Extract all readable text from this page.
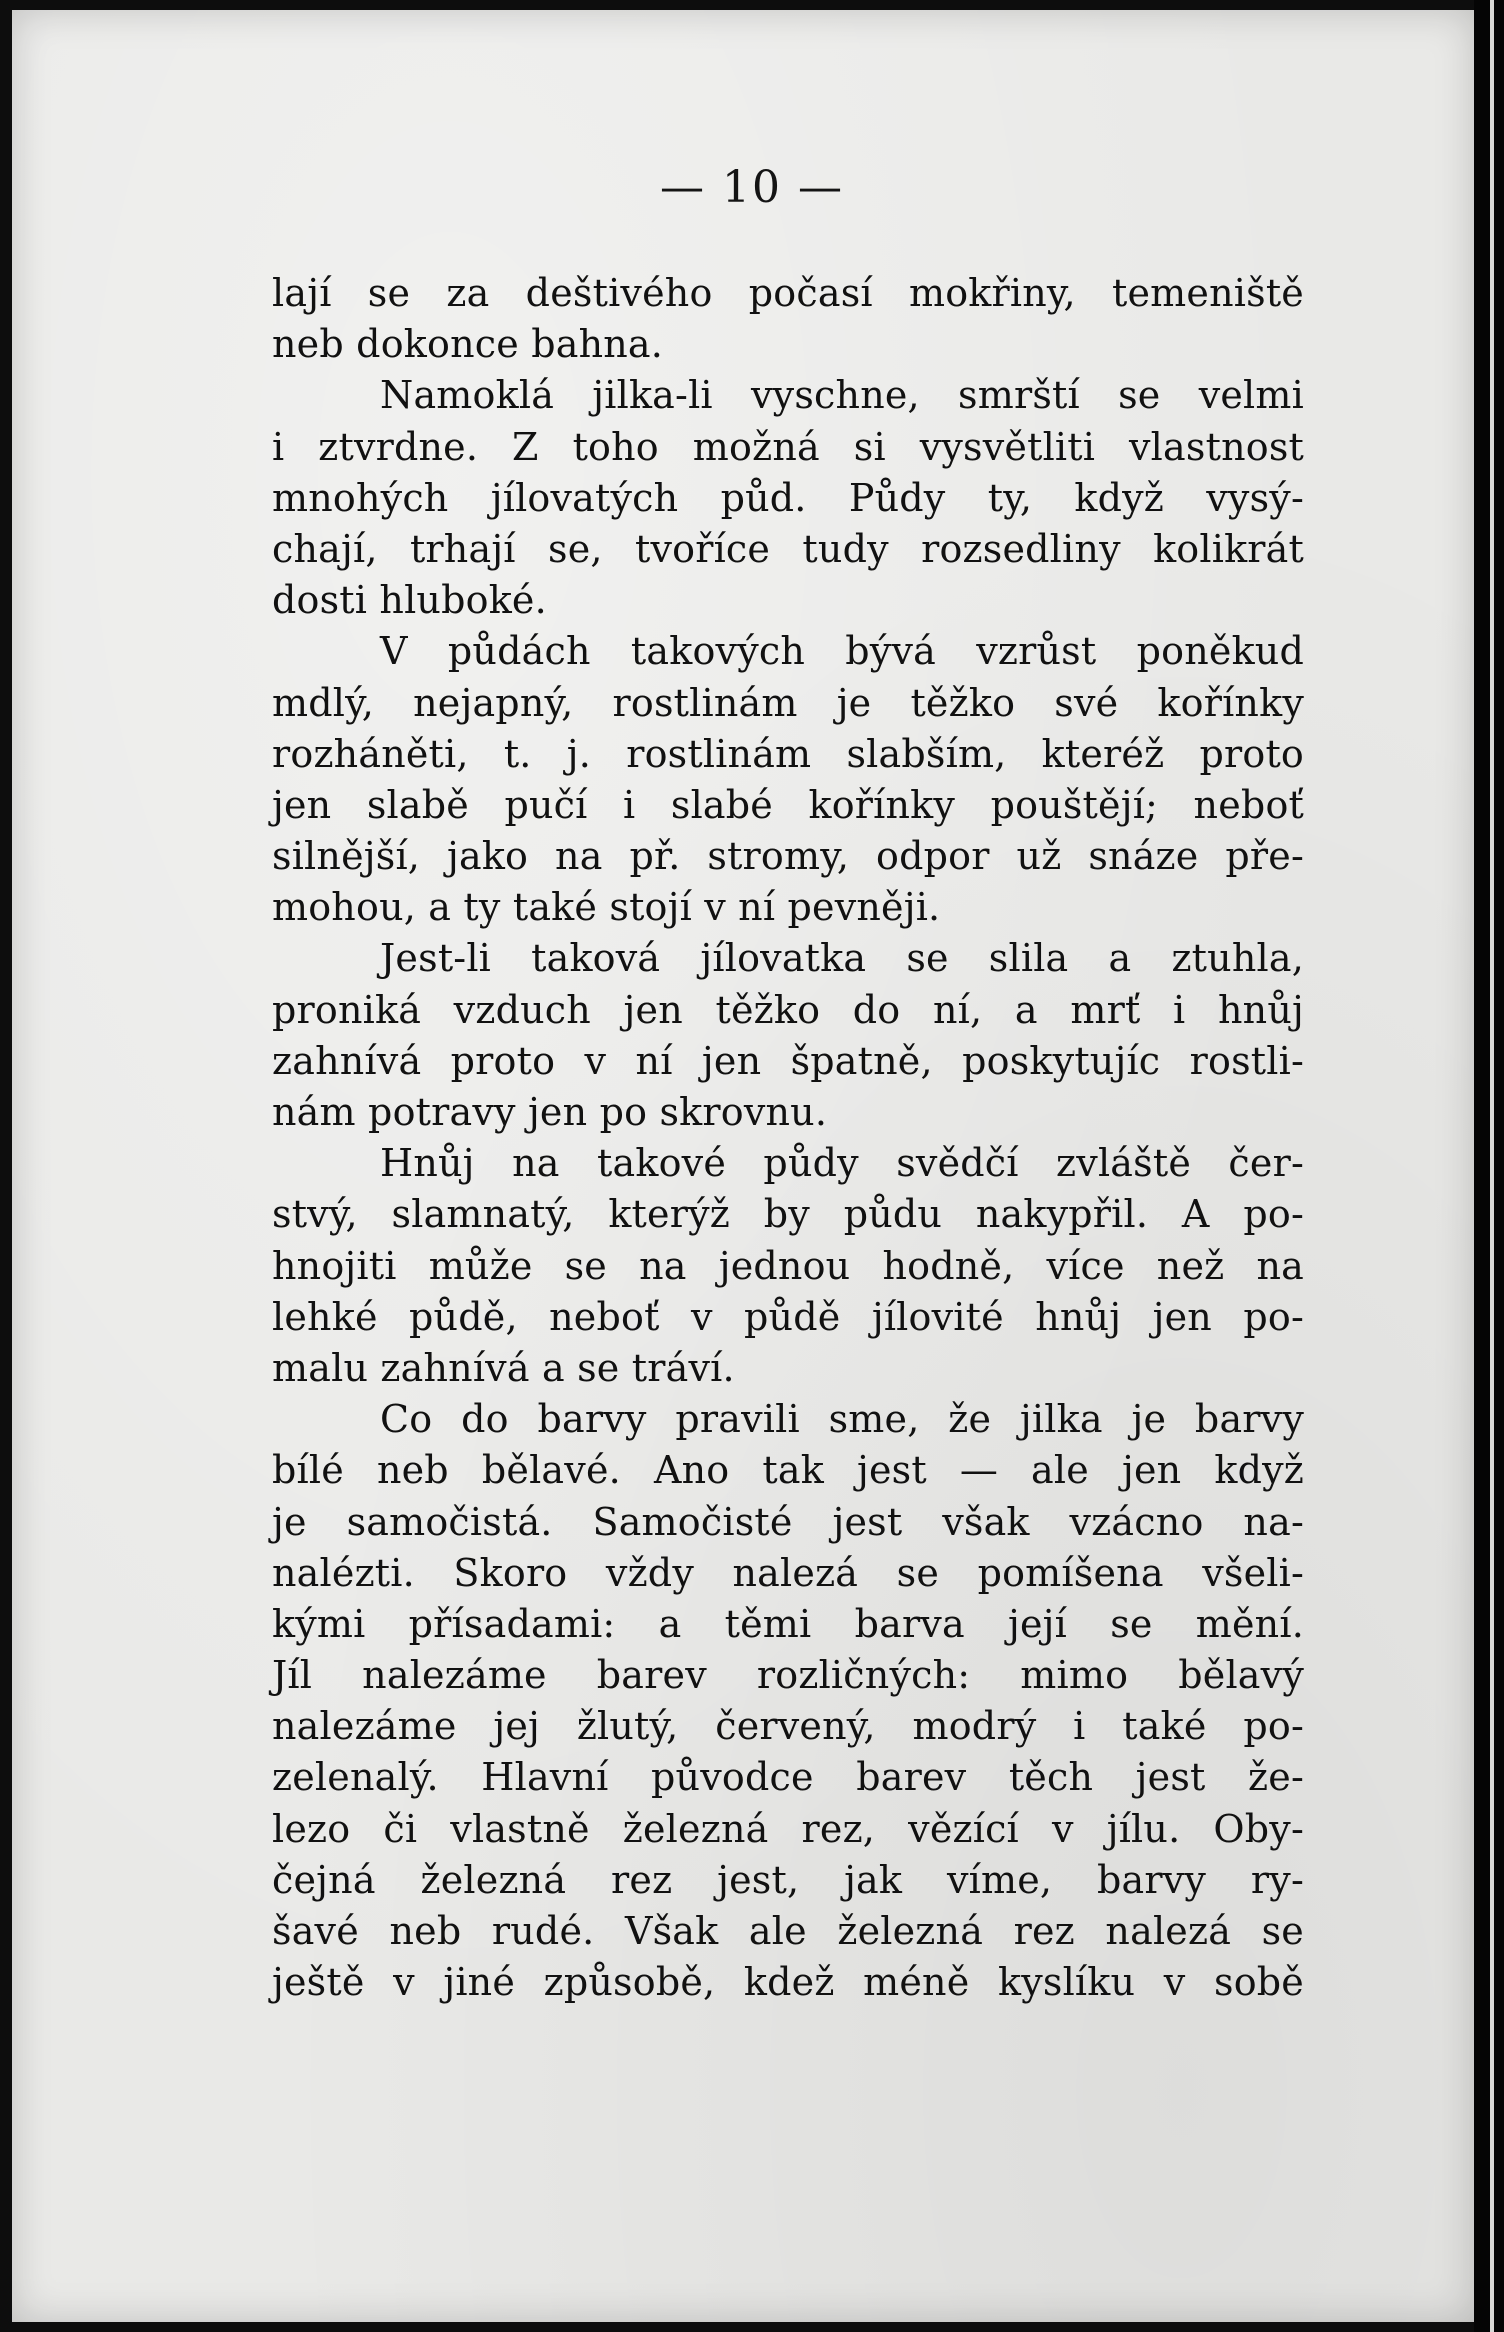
— 10 —
lají se za deštivého počasí mokřiny, temeniště
neb dokonce bahna.
Namoklá jilka-li vyschne, smrští se velmi
i ztvrdne. Z toho možná si vysvětliti vlastnost
mnohých jílovatých půd. Půdy ty, když vysý-
chají, trhají se, tvoříce tudy rozsedliny kolikrát
dosti hluboké.
V půdách takových bývá vzrůst poněkud
mdlý, nejapný, rostlinám je těžko své kořínky
rozháněti, t. j. rostlinám slabším, kteréž proto
jen slabě pučí i slabé kořínky pouštějí; neboť
silnější, jako na př. stromy, odpor už snáze pře-
mohou, a ty také stojí v ní pevněji.
Jest-li taková jílovatka se slila a ztuhla,
proniká vzduch jen těžko do ní, a mrť i hnůj
zahnívá proto v ní jen špatně, poskytujíc rostli-
nám potravy jen po skrovnu.
Hnůj na takové půdy svědčí zvláště čer-
stvý, slamnatý, kterýž by půdu nakypřil. A po-
hnojiti může se na jednou hodně, více než na
lehké půdě, neboť v půdě jílovité hnůj jen po-
malu zahnívá a se tráví.
Co do barvy pravili sme, že jilka je barvy
bílé neb bělavé. Ano tak jest — ale jen když
je samočistá. Samočisté jest však vzácno na-
nalézti. Skoro vždy nalezá se pomíšena všeli-
kými přísadami: a těmi barva její se mění.
Jíl nalezáme barev rozličných: mimo bělavý
nalezáme jej žlutý, červený, modrý i také po-
zelenalý. Hlavní původce barev těch jest že-
lezo či vlastně železná rez, vězící v jílu. Oby-
čejná železná rez jest, jak víme, barvy ry-
šavé neb rudé. Však ale železná rez nalezá se
ještě v jiné způsobě, kdež méně kyslíku v sobě
